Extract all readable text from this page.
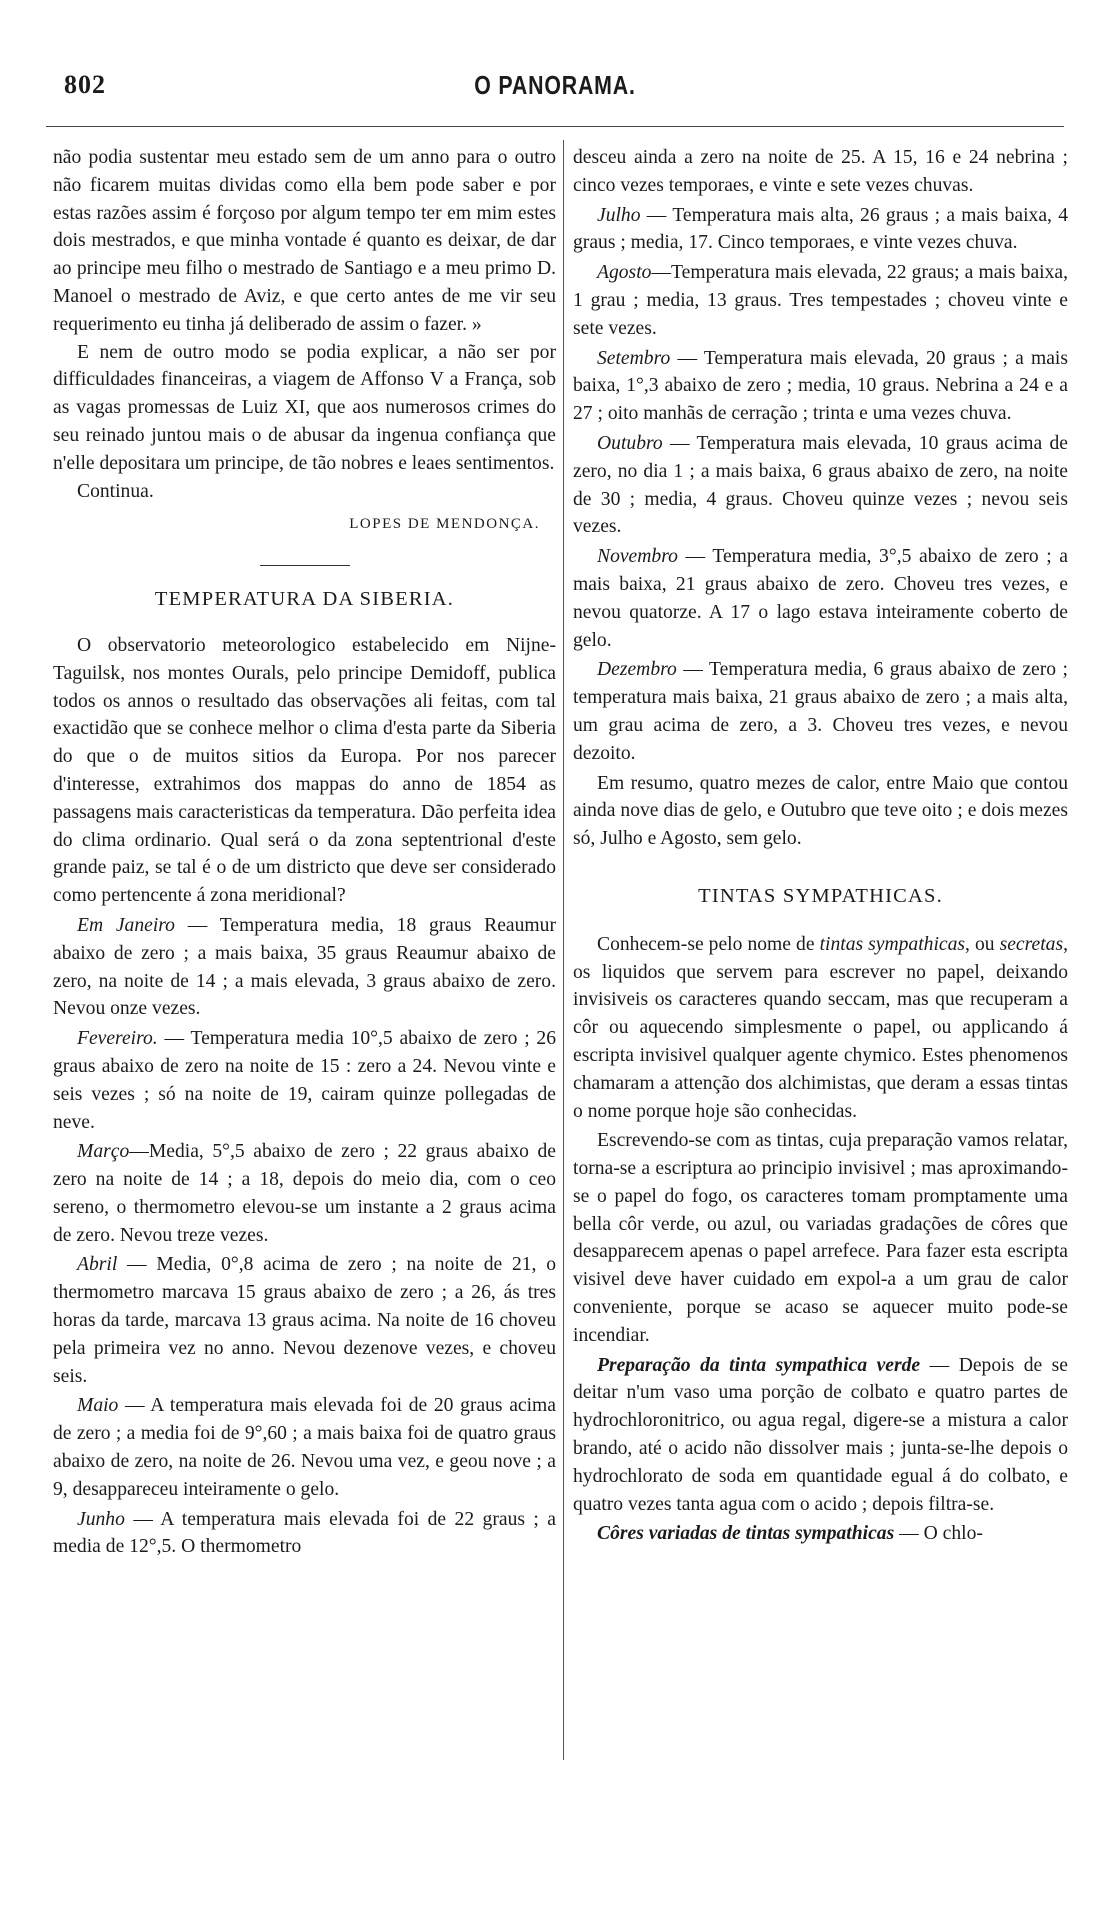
802	O PANORAMA.

não podia sustentar meu estado sem de um anno para o outro não ficarem muitas dividas como ella bem pode saber e por estas razões assim é forçoso por algum tempo ter em mim estes dois mestrados, e que minha vontade é quanto es deixar, de dar ao principe meu filho o mestrado de Santiago e a meu primo D. Manoel o mestrado de Aviz, e que certo antes de me vir seu requerimento eu tinha já deliberado de assim o fazer. »

E nem de outro modo se podia explicar, a não ser por difficuldades financeiras, a viagem de Affonso V a França, sob as vagas promessas de Luiz XI, que aos numerosos crimes do seu reinado juntou mais o de abusar da ingenua confiança que n'elle depositara um principe, de tão nobres e leaes sentimentos.

Continua.

LOPES DE MENDONÇA.
TEMPERATURA DA SIBERIA.

O observatorio meteorologico estabelecido em Nijne-Taguilsk, nos montes Ourals, pelo principe Demidoff, publica todos os annos o resultado das observações ali feitas, com tal exactidão que se conhece melhor o clima d'esta parte da Siberia do que o de muitos sitios da Europa. Por nos parecer d'interesse, extrahimos dos mappas do anno de 1854 as passagens mais caracteristicas da temperatura. Dão perfeita idea do clima ordinario. Qual será o da zona septentrional d'este grande paiz, se tal é o de um districto que deve ser considerado como pertencente á zona meridional?

Em Janeiro — Temperatura media, 18 graus Reaumur abaixo de zero ; a mais baixa, 35 graus Reaumur abaixo de zero, na noite de 14 ; a mais elevada, 3 graus abaixo de zero. Nevou onze vezes.

Fevereiro. — Temperatura media 10°,5 abaixo de zero ; 26 graus abaixo de zero na noite de 15 : zero a 24. Nevou vinte e seis vezes ; só na noite de 19, cairam quinze pollegadas de neve.

Março—Media, 5°,5 abaixo de zero ; 22 graus abaixo de zero na noite de 14 ; a 18, depois do meio dia, com o ceo sereno, o thermometro elevou-se um instante a 2 graus acima de zero. Nevou treze vezes.

Abril — Media, 0°,8 acima de zero ; na noite de 21, o thermometro marcava 15 graus abaixo de zero ; a 26, ás tres horas da tarde, marcava 13 graus acima. Na noite de 16 choveu pela primeira vez no anno. Nevou dezenove vezes, e choveu seis.

Maio — A temperatura mais elevada foi de 20 graus acima de zero ; a media foi de 9°,60 ; a mais baixa foi de quatro graus abaixo de zero, na noite de 26. Nevou uma vez, e geou nove ; a 9, desappareceu inteiramente o gelo.

Junho — A temperatura mais elevada foi de 22 graus ; a media de 12°,5. O thermometro

desceu ainda a zero na noite de 25. A 15, 16 e 24 nebrina ; cinco vezes temporaes, e vinte e sete vezes chuvas.

Julho — Temperatura mais alta, 26 graus ; a mais baixa, 4 graus ; media, 17. Cinco temporaes, e vinte vezes chuva.

Agosto—Temperatura mais elevada, 22 graus; a mais baixa, 1 grau ; media, 13 graus. Tres tempestades ; choveu vinte e sete vezes.

Setembro — Temperatura mais elevada, 20 graus ; a mais baixa, 1°,3 abaixo de zero ; media, 10 graus. Nebrina a 24 e a 27 ; oito manhãs de cerração ; trinta e uma vezes chuva.

Outubro — Temperatura mais elevada, 10 graus acima de zero, no dia 1 ; a mais baixa, 6 graus abaixo de zero, na noite de 30 ; media, 4 graus. Choveu quinze vezes ; nevou seis vezes.

Novembro — Temperatura media, 3°,5 abaixo de zero ; a mais baixa, 21 graus abaixo de zero. Choveu tres vezes, e nevou quatorze. A 17 o lago estava inteiramente coberto de gelo.

Dezembro — Temperatura media, 6 graus abaixo de zero ; temperatura mais baixa, 21 graus abaixo de zero ; a mais alta, um grau acima de zero, a 3. Choveu tres vezes, e nevou dezoito.

Em resumo, quatro mezes de calor, entre Maio que contou ainda nove dias de gelo, e Outubro que teve oito ; e dois mezes só, Julho e Agosto, sem gelo.

TINTAS SYMPATHICAS.

Conhecem-se pelo nome de tintas sympathicas, ou secretas, os liquidos que servem para escrever no papel, deixando invisiveis os caracteres quando seccam, mas que recuperam a côr ou aquecendo simplesmente o papel, ou applicando á escripta invisivel qualquer agente chymico. Estes phenomenos chamaram a attenção dos alchimistas, que deram a essas tintas o nome porque hoje são conhecidas.

Escrevendo-se com as tintas, cuja preparação vamos relatar, torna-se a escriptura ao principio invisivel ; mas aproximando-se o papel do fogo, os caracteres tomam promptamente uma bella côr verde, ou azul, ou variadas gradações de côres que desapparecem apenas o papel arrefece. Para fazer esta escripta visivel deve haver cuidado em expol-a a um grau de calor conveniente, porque se acaso se aquecer muito pode-se incendiar.

Preparação da tinta sympathica verde — Depois de se deitar n'um vaso uma porção de colbato e quatro partes de hydrochloronitrico, ou agua regal, digere-se a mistura a calor brando, até o acido não dissolver mais ; junta-se-lhe depois o hydrochlorato de soda em quantidade egual á do colbato, e quatro vezes tanta agua com o acido ; depois filtra-se.

Côres variadas de tintas sympathicas — O chlo-
